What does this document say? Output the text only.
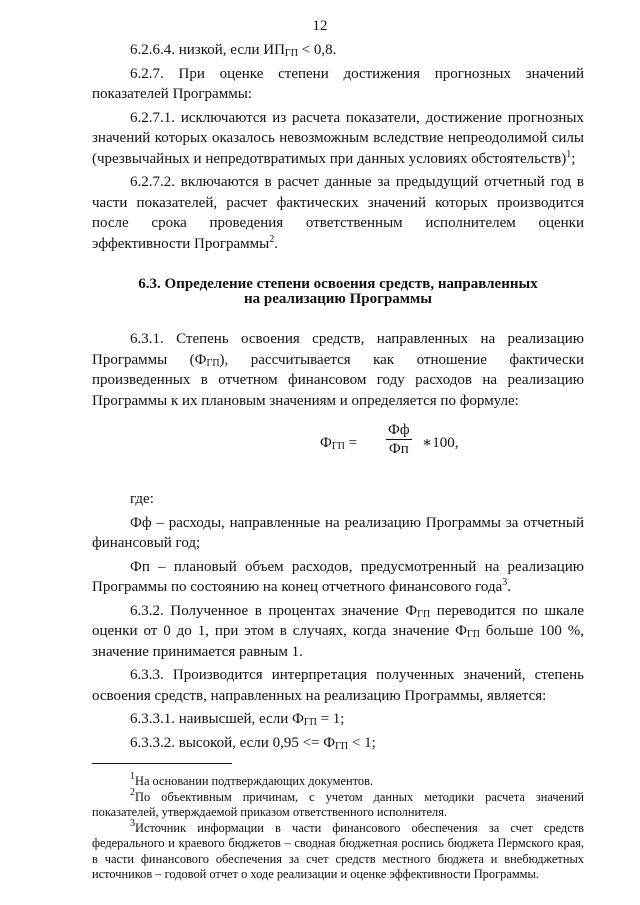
12

6.2.6.4. низкой, если $ИП_{ГП} < 0,8$.

6.2.7. При оценке степени достижения прогнозных значений показателей Программы:

6.2.7.1. исключаются из расчета показатели, достижение прогнозных значений которых оказалось невозможным вследствие непреодолимой силы (чрезвычайных и непредотвратимых при данных условиях обстоятельств)$^1$;

6.2.7.2. включаются в расчет данные за предыдущий отчетный год в части показателей, расчет фактических значений которых производится после срока проведения ответственным исполнителем оценки эффективности Программы$^2$.

6.3. Определение степени освоения средств, направленных
на реализацию Программы

6.3.1. Степень освоения средств, направленных на реализацию Программы $(Ф_{ГП})$, рассчитывается как отношение фактически произведенных в отчетном финансовом году расходов на реализацию Программы к их плановым значениям и определяется по формуле:

$Ф_{ГП}$ =
Фф
Фп ∗100,

где:

Фф – расходы, направленные на реализацию Программы за отчетный финансовый год;

Фп – плановый объем расходов, предусмотренный на реализацию Программы по состоянию на конец отчетного финансового года$^3$.

6.3.2. Полученное в процентах значение $Ф_{ГП}$ переводится по шкале оценки от 0 до 1, при этом в случаях, когда значение $Ф_{ГП}$ больше 100 %, значение принимается равным 1.

6.3.3. Производится интерпретация полученных значений, степень освоения средств, направленных на реализацию Программы, является:

6.3.3.1. наивысшей, если $Ф_{ГП} = 1$;

6.3.3.2. высокой, если $0,95 <= Ф_{ГП} < 1$;

$^1$На основании подтверждающих документов.

$^2$По объективным причинам, с учетом данных методики расчета значений показателей, утверждаемой приказом ответственного исполнителя.

$^3$Источник информации в части финансового обеспечения за счет средств федерального и краевого бюджетов – сводная бюджетная роспись бюджета Пермского края, в части финансового обеспечения за счет средств местного бюджета и внебюджетных источников – годовой отчет о ходе реализации и оценке эффективности Программы.
